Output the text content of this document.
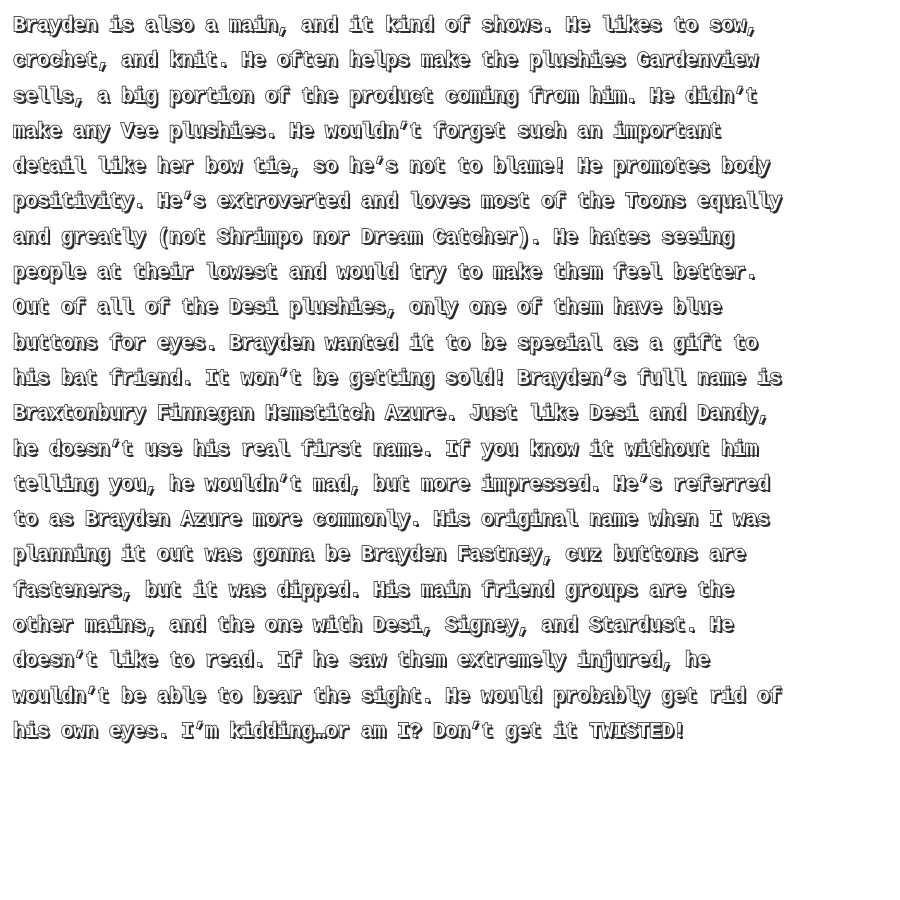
Brayden is also a main, and it kind of shows. He likes to sow,
crochet, and knit. He often helps make the plushies Gardenview
sells, a big portion of the product coming from him. He didn’t
make any Vee plushies. He wouldn’t forget such an important
detail like her bow tie, so he’s not to blame! He promotes body
positivity. He’s extroverted and loves most of the Toons equally
and greatly (not Shrimpo nor Dream Catcher). He hates seeing
people at their lowest and would try to make them feel better.
Out of all of the Desi plushies, only one of them have blue
buttons for eyes. Brayden wanted it to be special as a gift to
his bat friend. It won’t be getting sold! Brayden’s full name is
Braxtonbury Finnegan Hemstitch Azure. Just like Desi and Dandy,
he doesn’t use his real first name. If you know it without him
telling you, he wouldn’t mad, but more impressed. He’s referred
to as Brayden Azure more commonly. His original name when I was
planning it out was gonna be Brayden Fastney, cuz buttons are
fasteners, but it was dipped. His main friend groups are the
other mains, and the one with Desi, Signey, and Stardust. He
doesn’t like to read. If he saw them extremely injured, he
wouldn’t be able to bear the sight. He would probably get rid of
his own eyes. I’m kidding…or am I? Don’t get it TWISTED!
